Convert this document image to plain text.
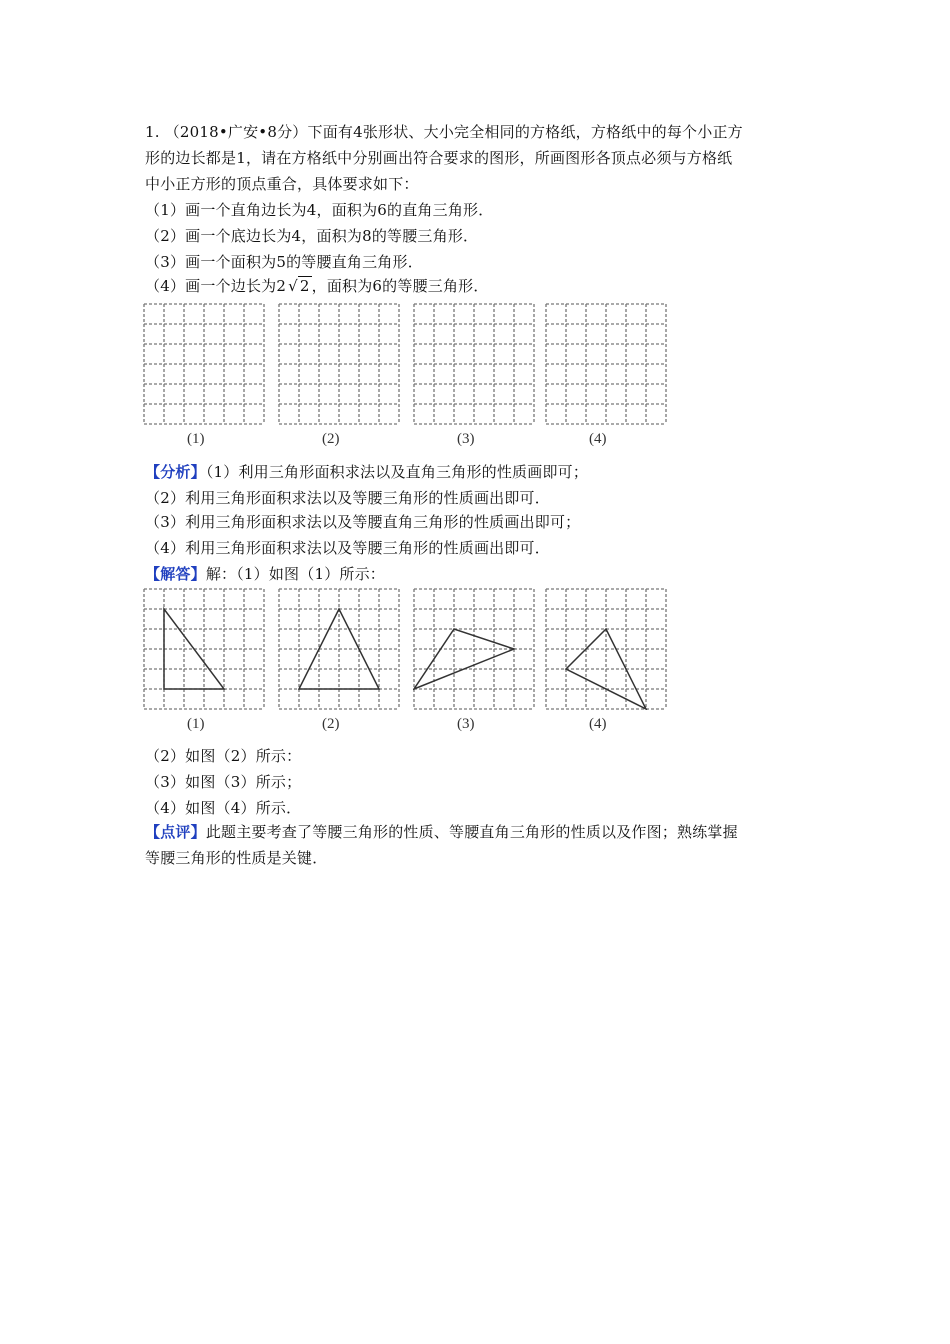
1. （2018•广安•8分）下面有4张形状、大小完全相同的方格纸，方格纸中的每个小正方
形的边长都是1，请在方格纸中分别画出符合要求的图形，所画图形各顶点必须与方格纸
中小正方形的顶点重合，具体要求如下：
（1）画一个直角边长为4，面积为6的直角三角形．
（2）画一个底边长为4，面积为8的等腰三角形．
（3）画一个面积为5的等腰直角三角形．
（4）画一个边长为2 √ 2 ，面积为6的等腰三角形．
(1)	(2)	(3)	(4)
【分析】（1）利用三角形面积求法以及直角三角形的性质画即可；
（2）利用三角形面积求法以及等腰三角形的性质画出即可．
（3）利用三角形面积求法以及等腰直角三角形的性质画出即可；
（4）利用三角形面积求法以及等腰三角形的性质画出即可．
【解答】解：（1）如图（1）所示：
(1)	(2)	(3)	(4)
（2）如图（2）所示：
（3）如图（3）所示；
（4）如图（4）所示．
【点评】此题主要考查了等腰三角形的性质、等腰直角三角形的性质以及作图；熟练掌握
等腰三角形的性质是关键．
